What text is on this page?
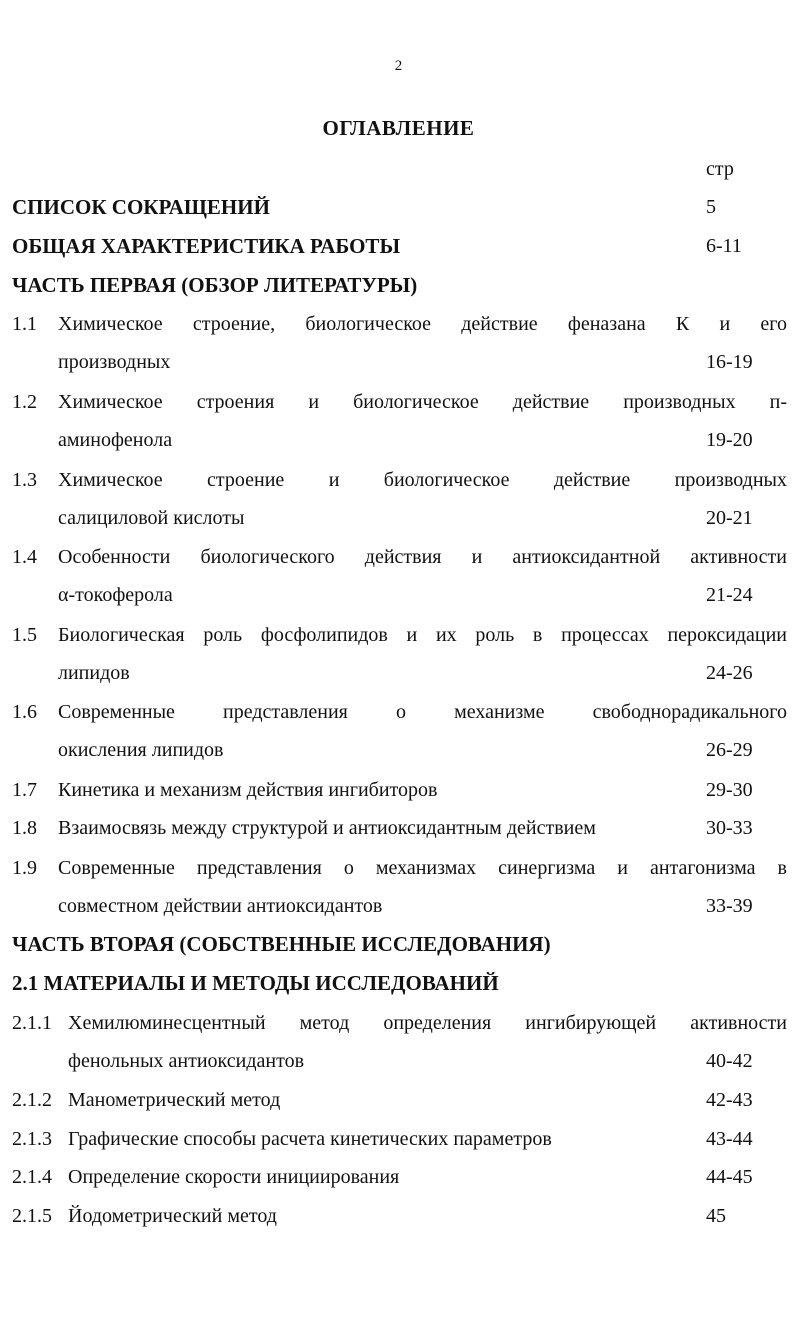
2
ОГЛАВЛЕНИЕ
стр
СПИСОК СОКРАЩЕНИЙ	5
ОБЩАЯ ХАРАКТЕРИСТИКА РАБОТЫ	6-11
ЧАСТЬ ПЕРВАЯ (ОБЗОР ЛИТЕРАТУРЫ)
1.1 Химическое строение, биологическое действие феназана К и его
производных	16-19
1.2 Химическое строения и биологическое действие производных п-
аминофенола	19-20
1.3 Химическое строение и биологическое действие производных
салициловой кислоты	20-21
1.4 Особенности биологического действия и антиоксидантной активности
α-токоферола	21-24
1.5 Биологическая роль фосфолипидов и их роль в процессах пероксидации
липидов	24-26
1.6 Современные представления о механизме свободнорадикального
окисления липидов	26-29
1.7 Кинетика и механизм действия ингибиторов	29-30
1.8 Взаимосвязь между структурой и антиоксидантным действием	30-33
1.9 Современные представления о механизмах синергизма и антагонизма в
совместном действии антиоксидантов	33-39
ЧАСТЬ ВТОРАЯ (СОБСТВЕННЫЕ ИССЛЕДОВАНИЯ)
2.1 МАТЕРИАЛЫ И МЕТОДЫ ИССЛЕДОВАНИЙ
2.1.1 Хемилюминесцентный метод определения ингибирующей активности
фенольных антиоксидантов	40-42
2.1.2 Манометрический метод	42-43
2.1.3 Графические способы расчета кинетических параметров	43-44
2.1.4 Определение скорости инициирования	44-45
2.1.5 Йодометрический метод	45
